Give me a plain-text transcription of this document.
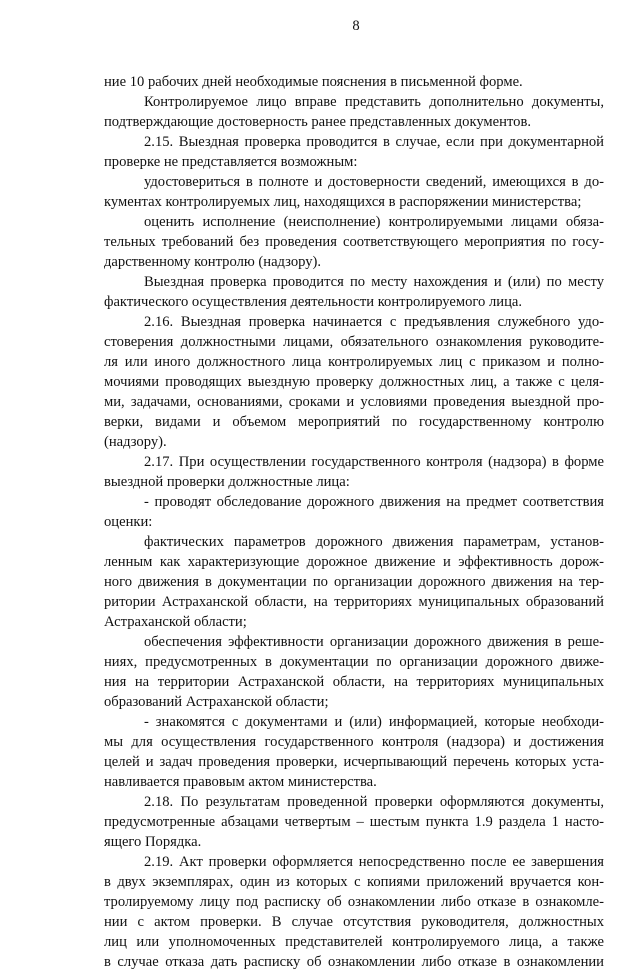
8
ние 10 рабочих дней необходимые пояснения в письменной форме.
Контролируемое лицо вправе представить дополнительно документы,
подтверждающие достоверность ранее представленных документов.
2.15. Выездная проверка проводится в случае, если при документарной
проверке не представляется возможным:
удостовериться в полноте и достоверности сведений, имеющихся в до-
кументах контролируемых лиц, находящихся в распоряжении министерства;
оценить исполнение (неисполнение) контролируемыми лицами обяза-
тельных требований без проведения соответствующего мероприятия по госу-
дарственному контролю (надзору).
Выездная проверка проводится по месту нахождения и (или) по месту
фактического осуществления деятельности контролируемого лица.
2.16. Выездная проверка начинается с предъявления служебного удо-
стоверения должностными лицами, обязательного ознакомления руководите-
ля или иного должностного лица контролируемых лиц с приказом и полно-
мочиями проводящих выездную проверку должностных лиц, а также с целя-
ми, задачами, основаниями, сроками и условиями проведения выездной про-
верки, видами и объемом мероприятий по государственному контролю
(надзору).
2.17. При осуществлении государственного контроля (надзора) в форме
выездной проверки должностные лица:
- проводят обследование дорожного движения на предмет соответствия
оценки:
фактических параметров дорожного движения параметрам, установ-
ленным как характеризующие дорожное движение и эффективность дорож-
ного движения в документации по организации дорожного движения на тер-
ритории Астраханской области, на территориях муниципальных образований
Астраханской области;
обеспечения эффективности организации дорожного движения в реше-
ниях, предусмотренных в документации по организации дорожного движе-
ния на территории Астраханской области, на территориях муниципальных
образований Астраханской области;
- знакомятся с документами и (или) информацией, которые необходи-
мы для осуществления государственного контроля (надзора) и достижения
целей и задач проведения проверки, исчерпывающий перечень которых уста-
навливается правовым актом министерства.
2.18. По результатам проведенной проверки оформляются документы,
предусмотренные абзацами четвертым – шестым пункта 1.9 раздела 1 насто-
ящего Порядка.
2.19. Акт проверки оформляется непосредственно после ее завершения
в двух экземплярах, один из которых с копиями приложений вручается кон-
тролируемому лицу под расписку об ознакомлении либо отказе в ознакомле-
нии с актом проверки. В случае отсутствия руководителя, должностных
лиц или уполномоченных представителей контролируемого лица, а также
в случае отказа дать расписку об ознакомлении либо отказе в ознакомлении
